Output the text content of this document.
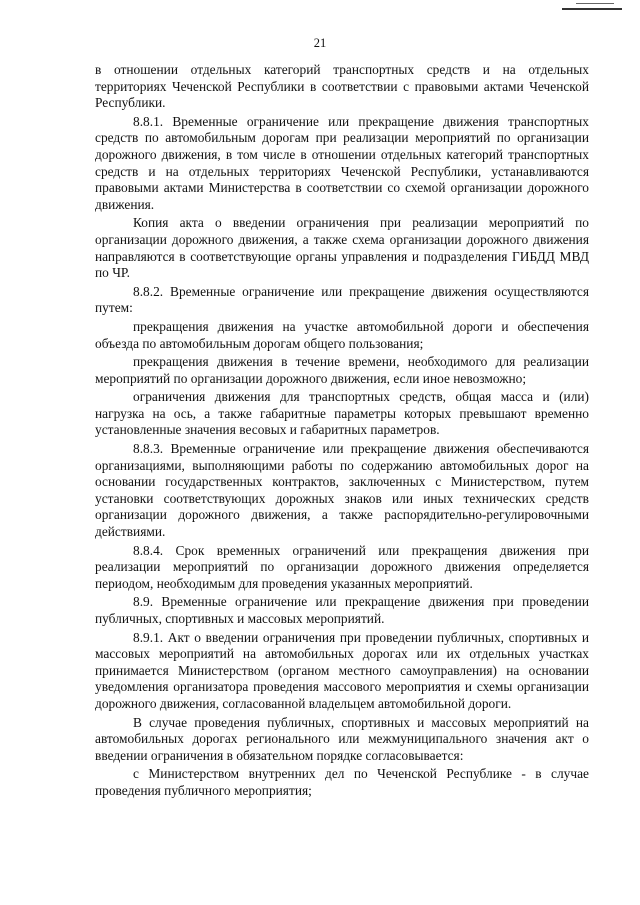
21

в отношении отдельных категорий транспортных средств и на отдельных территориях Чеченской Республики в соответствии с правовыми актами Чеченской Республики.

8.8.1. Временные ограничение или прекращение движения транспортных средств по автомобильным дорогам при реализации мероприятий по организации дорожного движения, в том числе в отношении отдельных категорий транспортных средств и на отдельных территориях Чеченской Республики, устанавливаются правовыми актами Министерства в соответствии со схемой организации дорожного движения.

Копия акта о введении ограничения при реализации мероприятий по организации дорожного движения, а также схема организации дорожного движения направляются в соответствующие органы управления и подразделения ГИБДД МВД по ЧР.

8.8.2. Временные ограничение или прекращение движения осуществляются путем:

прекращения движения на участке автомобильной дороги и обеспечения объезда по автомобильным дорогам общего пользования;

прекращения движения в течение времени, необходимого для реализации мероприятий по организации дорожного движения, если иное невозможно;

ограничения движения для транспортных средств, общая масса и (или) нагрузка на ось, а также габаритные параметры которых превышают временно установленные значения весовых и габаритных параметров.

8.8.3. Временные ограничение или прекращение движения обеспечиваются организациями, выполняющими работы по содержанию автомобильных дорог на основании государственных контрактов, заключенных с Министерством, путем установки соответствующих дорожных знаков или иных технических средств организации дорожного движения, а также распорядительно-регулировочными действиями.

8.8.4. Срок временных ограничений или прекращения движения при реализации мероприятий по организации дорожного движения определяется периодом, необходимым для проведения указанных мероприятий.

8.9. Временные ограничение или прекращение движения при проведении публичных, спортивных и массовых мероприятий.

8.9.1. Акт о введении ограничения при проведении публичных, спортивных и массовых мероприятий на автомобильных дорогах или их отдельных участках принимается Министерством (органом местного самоуправления) на основании уведомления организатора проведения массового мероприятия и схемы организации дорожного движения, согласованной владельцем автомобильной дороги.

В случае проведения публичных, спортивных и массовых мероприятий на автомобильных дорогах регионального или межмуниципального значения акт о введении ограничения в обязательном порядке согласовывается:

с Министерством внутренних дел по Чеченской Республике - в случае проведения публичного мероприятия;
